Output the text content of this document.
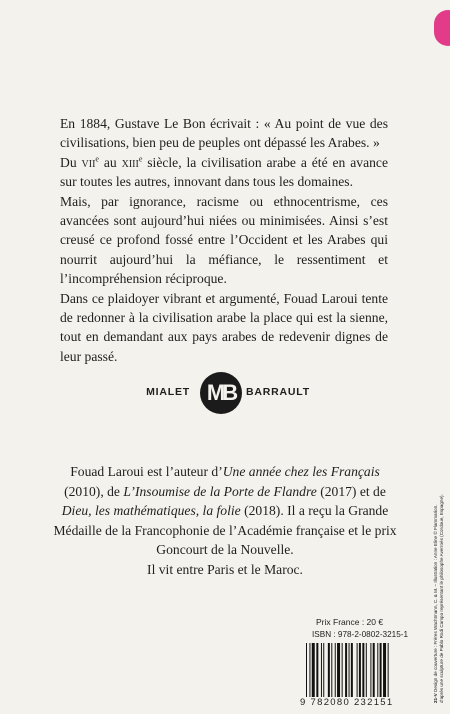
En 1884, Gustave Le Bon écrivait : « Au point de vue des civilisations, bien peu de peuples ont dépassé les Arabes. »

Du vii$^e$ au xiii$^e$ siècle, la civilisation arabe a été en avance sur toutes les autres, innovant dans tous les domaines.

Mais, par ignorance, racisme ou ethnocentrisme, ces avancées sont aujourd’hui niées ou minimisées. Ainsi s’est creusé ce profond fossé entre l’Occident et les Arabes qui nourrit aujourd’hui la méfiance, le ressentiment et l’incompréhension réciproque.

Dans ce plaidoyer vibrant et argumenté, Fouad Laroui tente de redonner à la civilisation arabe la place qui est la sienne, tout en demandant aux pays arabes de redevenir dignes de leur passé.

MIALET MB	BARRAULT

Fouad Laroui est l’auteur d’Une année chez les Français (2010), de L’Insoumise de la Porte de Flandre (2017) et de Dieu, les mathématiques, la folie (2018). Il a reçu la Grande Médaille de la Francophonie de l’Académie française et le prix Goncourt de la Nouvelle.

Il vit entre Paris et le Maroc.

Prix France : 20 €
ISBN : 978-2-0802-3215-1
9 782080 232151	21-V Design de couverture : Frères Wachtmann, C. & M. – Illustration : Anne Eline © Flammarion. d’après une sculpture de Pablo Rodi Campo représentant le philosophe Averroès (Cordoue, Espagne).
